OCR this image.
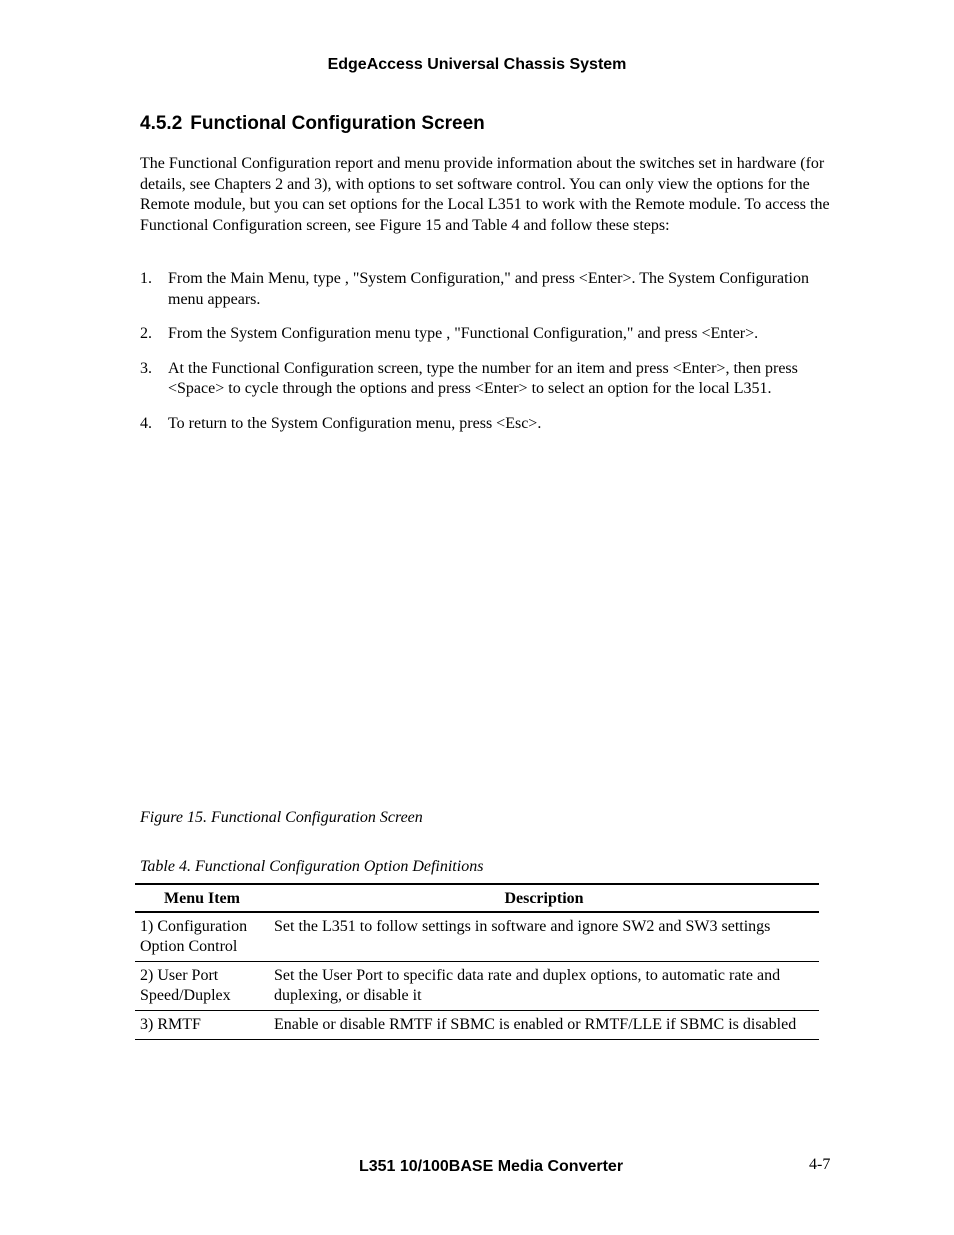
EdgeAccess Universal Chassis System
4.5.2 Functional Configuration Screen
The Functional Configuration report and menu provide information about the switches set in hardware (for details, see Chapters 2 and 3), with options to set software control. You can only view the options for the Remote module, but you can set options for the Local L351 to work with the Remote module. To access the Functional Configuration screen, see Figure 15 and Table 4 and follow these steps:
1. From the Main Menu, type , "System Configuration," and press <Enter>. The System Configuration menu appears.
2. From the System Configuration menu type , "Functional Configuration," and press <Enter>.
3. At the Functional Configuration screen, type the number for an item and press <Enter>, then press <Space> to cycle through the options and press <Enter> to select an option for the local L351.
4. To return to the System Configuration menu, press <Esc>.
Figure 15. Functional Configuration Screen
Table 4. Functional Configuration Option Definitions
Menu Item	Description
1) Configuration Option Control	Set the L351 to follow settings in software and ignore SW2 and SW3 settings
2) User Port Speed/Duplex	Set the User Port to specific data rate and duplex options, to automatic rate and duplexing, or disable it
3) RMTF	Enable or disable RMTF if SBMC is enabled or RMTF/LLE if SBMC is disabled
L351 10/100BASE Media Converter	4-7
